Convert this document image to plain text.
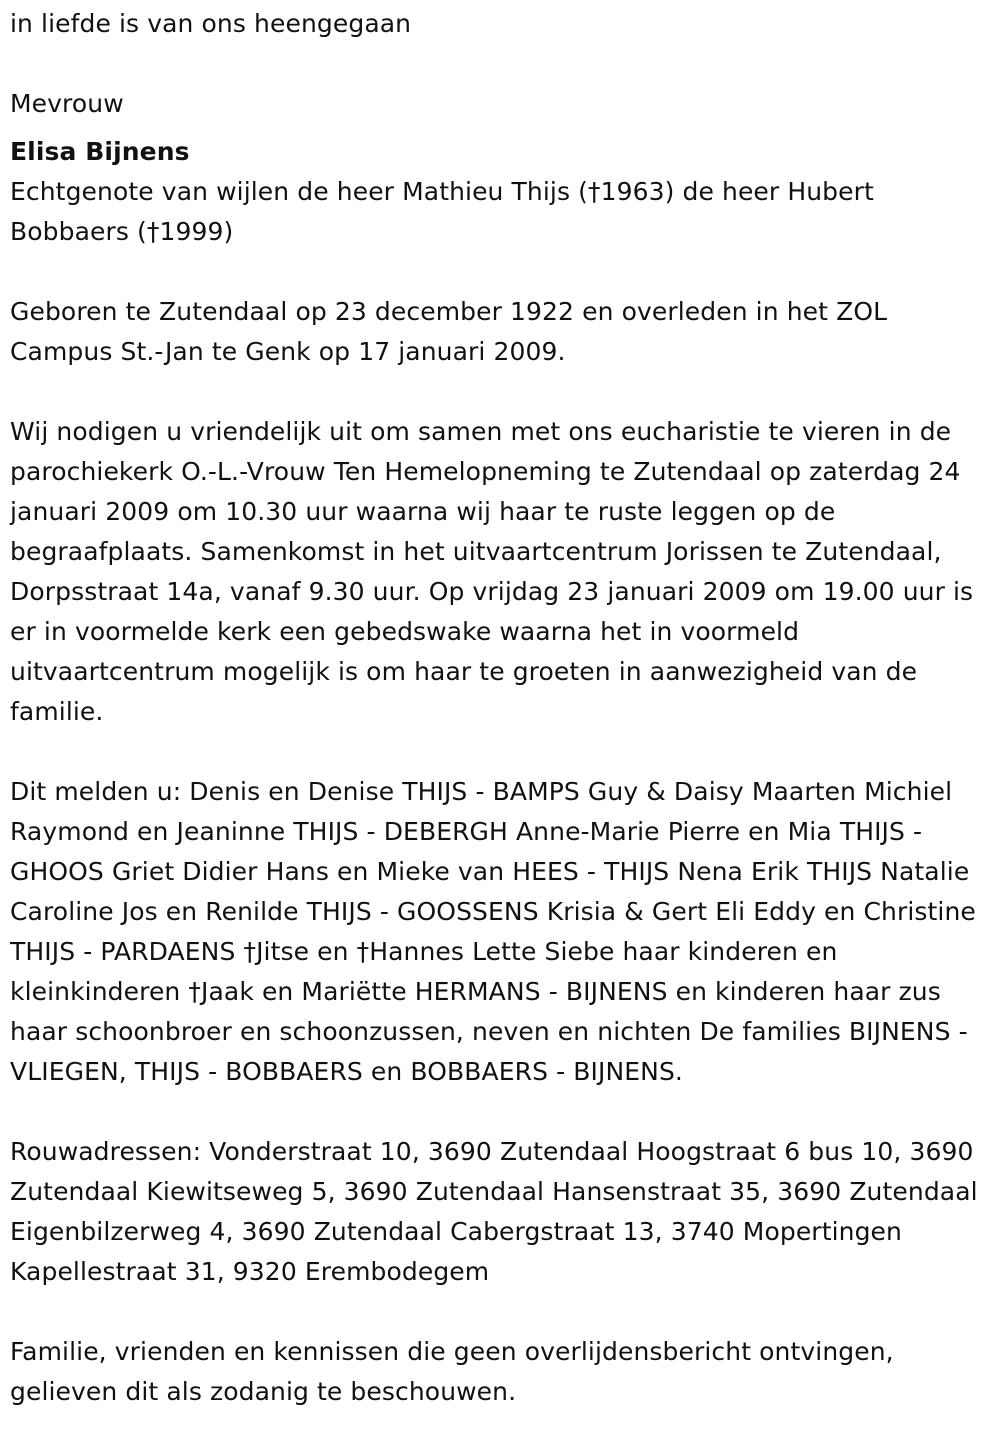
in liefde is van ons heengegaan

Mevrouw

Elisa Bijnens

Echtgenote van wijlen de heer Mathieu Thijs (†1963) de heer Hubert Bobbaers (†1999)

Geboren te Zutendaal op 23 december 1922 en overleden in het ZOL Campus St.-Jan te Genk op 17 januari 2009.

Wij nodigen u vriendelijk uit om samen met ons eucharistie te vieren in de parochiekerk O.-L.-Vrouw Ten Hemelopneming te Zutendaal op zaterdag 24 januari 2009 om 10.30 uur waarna wij haar te ruste leggen op de begraafplaats. Samenkomst in het uitvaartcentrum Jorissen te Zutendaal, Dorpsstraat 14a, vanaf 9.30 uur. Op vrijdag 23 januari 2009 om 19.00 uur is er in voormelde kerk een gebedswake waarna het in voormeld uitvaartcentrum mogelijk is om haar te groeten in aanwezigheid van de familie.

Dit melden u: Denis en Denise THIJS - BAMPS Guy & Daisy Maarten Michiel Raymond en Jeaninne THIJS - DEBERGH Anne-Marie Pierre en Mia THIJS - GHOOS Griet Didier Hans en Mieke van HEES - THIJS Nena Erik THIJS Natalie Caroline Jos en Renilde THIJS - GOOSSENS Krisia & Gert Eli Eddy en Christine THIJS - PARDAENS †Jitse en †Hannes Lette Siebe haar kinderen en kleinkinderen †Jaak en Mariëtte HERMANS - BIJNENS en kinderen haar zus haar schoonbroer en schoonzussen, neven en nichten De families BIJNENS - VLIEGEN, THIJS - BOBBAERS en BOBBAERS - BIJNENS.

Rouwadressen: Vonderstraat 10, 3690 Zutendaal Hoogstraat 6 bus 10, 3690 Zutendaal Kiewitseweg 5, 3690 Zutendaal Hansenstraat 35, 3690 Zutendaal Eigenbilzerweg 4, 3690 Zutendaal Cabergstraat 13, 3740 Mopertingen Kapellestraat 31, 9320 Erembodegem

Familie, vrienden en kennissen die geen overlijdensbericht ontvingen, gelieven dit als zodanig te beschouwen.
